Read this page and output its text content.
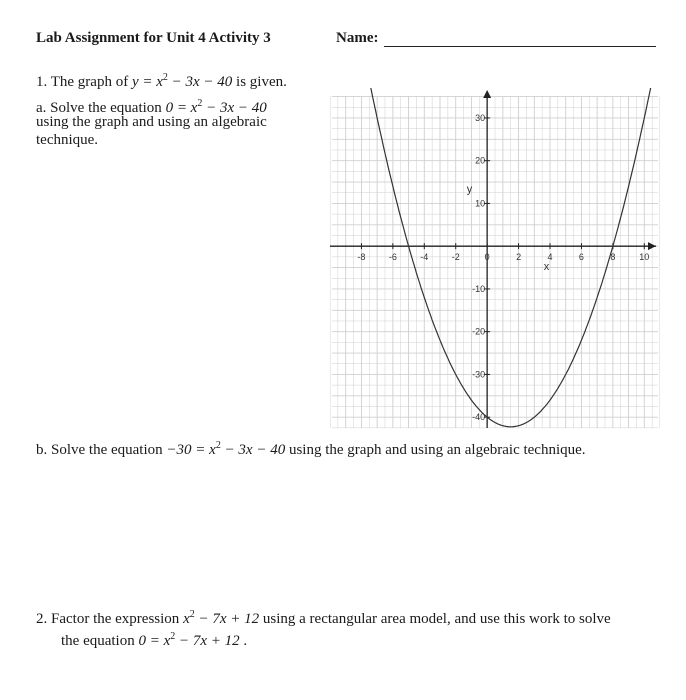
Lab Assignment for Unit 4 Activity 3	Name:
1. The graph of $y = x^2 - 3x - 40$ is given.
a. Solve the equation $0 = x^2 - 3x - 40$
using the graph and using an algebraic
technique.
-8	-6	-4	-2	0	2	4	6	8	10
30
20
10
-10
-20
-30
-40
x
y
b. Solve the equation $-30 = x^2 - 3x - 40$ using the graph and using an algebraic technique.
2. Factor the expression $x^2 - 7x + 12$ using a rectangular area model, and use this work to solve
the equation $0 = x^2 - 7x + 12$ .
